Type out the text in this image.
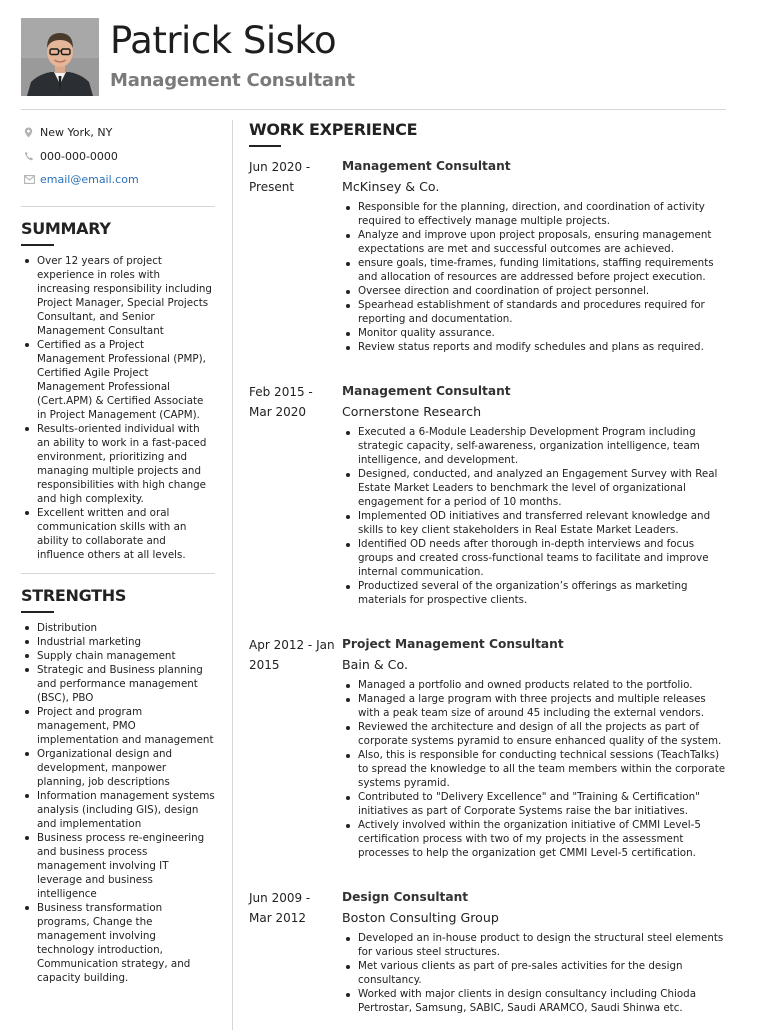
Patrick Sisko
Management Consultant
New York, NY
000-000-0000
email@email.com
SUMMARY
Over 12 years of project experience in roles with increasing responsibility including Project Manager, Special Projects Consultant, and Senior Management Consultant
Certified as a Project Management Professional (PMP), Certified Agile Project Management Professional (Cert.APM) & Certified Associate in Project Management (CAPM).
Results-oriented individual with an ability to work in a fast-paced environment, prioritizing and managing multiple projects and responsibilities with high change and high complexity.
Excellent written and oral communication skills with an ability to collaborate and influence others at all levels.
STRENGTHS
Distribution
Industrial marketing
Supply chain management
Strategic and Business planning and performance management (BSC), PBO
Project and program management, PMO implementation and management
Organizational design and development, manpower planning, job descriptions
Information management systems analysis (including GIS), design and implementation
Business process re-engineering and business process management involving IT leverage and business intelligence
Business transformation programs, Change the management involving technology introduction, Communication strategy, and capacity building.
WORK EXPERIENCE
Jun 2020 - Present
Management Consultant
McKinsey & Co.
Responsible for the planning, direction, and coordination of activity required to effectively manage multiple projects.
Analyze and improve upon project proposals, ensuring management expectations are met and successful outcomes are achieved.
ensure goals, time-frames, funding limitations, staffing requirements and allocation of resources are addressed before project execution.
Oversee direction and coordination of project personnel.
Spearhead establishment of standards and procedures required for reporting and documentation.
Monitor quality assurance.
Review status reports and modify schedules and plans as required.
Feb 2015 - Mar 2020
Management Consultant
Cornerstone Research
Executed a 6-Module Leadership Development Program including strategic capacity, self-awareness, organization intelligence, team intelligence, and development.
Designed, conducted, and analyzed an Engagement Survey with Real Estate Market Leaders to benchmark the level of organizational engagement for a period of 10 months.
Implemented OD initiatives and transferred relevant knowledge and skills to key client stakeholders in Real Estate Market Leaders.
Identified OD needs after thorough in-depth interviews and focus groups and created cross-functional teams to facilitate and improve internal communication.
Productized several of the organization’s offerings as marketing materials for prospective clients.
Apr 2012 - Jan 2015
Project Management Consultant
Bain & Co.
Managed a portfolio and owned products related to the portfolio.
Managed a large program with three projects and multiple releases with a peak team size of around 45 including the external vendors.
Reviewed the architecture and design of all the projects as part of corporate systems pyramid to ensure enhanced quality of the system.
Also, this is responsible for conducting technical sessions (TeachTalks) to spread the knowledge to all the team members within the corporate systems pyramid.
Contributed to "Delivery Excellence" and "Training & Certification" initiatives as part of Corporate Systems raise the bar initiatives.
Actively involved within the organization initiative of CMMI Level-5 certification process with two of my projects in the assessment processes to help the organization get CMMI Level-5 certification.
Jun 2009 - Mar 2012
Design Consultant
Boston Consulting Group
Developed an in-house product to design the structural steel elements for various steel structures.
Met various clients as part of pre-sales activities for the design consultancy.
Worked with major clients in design consultancy including Chioda Pertrostar, Samsung, SABIC, Saudi ARAMCO, Saudi Shinwa etc.
